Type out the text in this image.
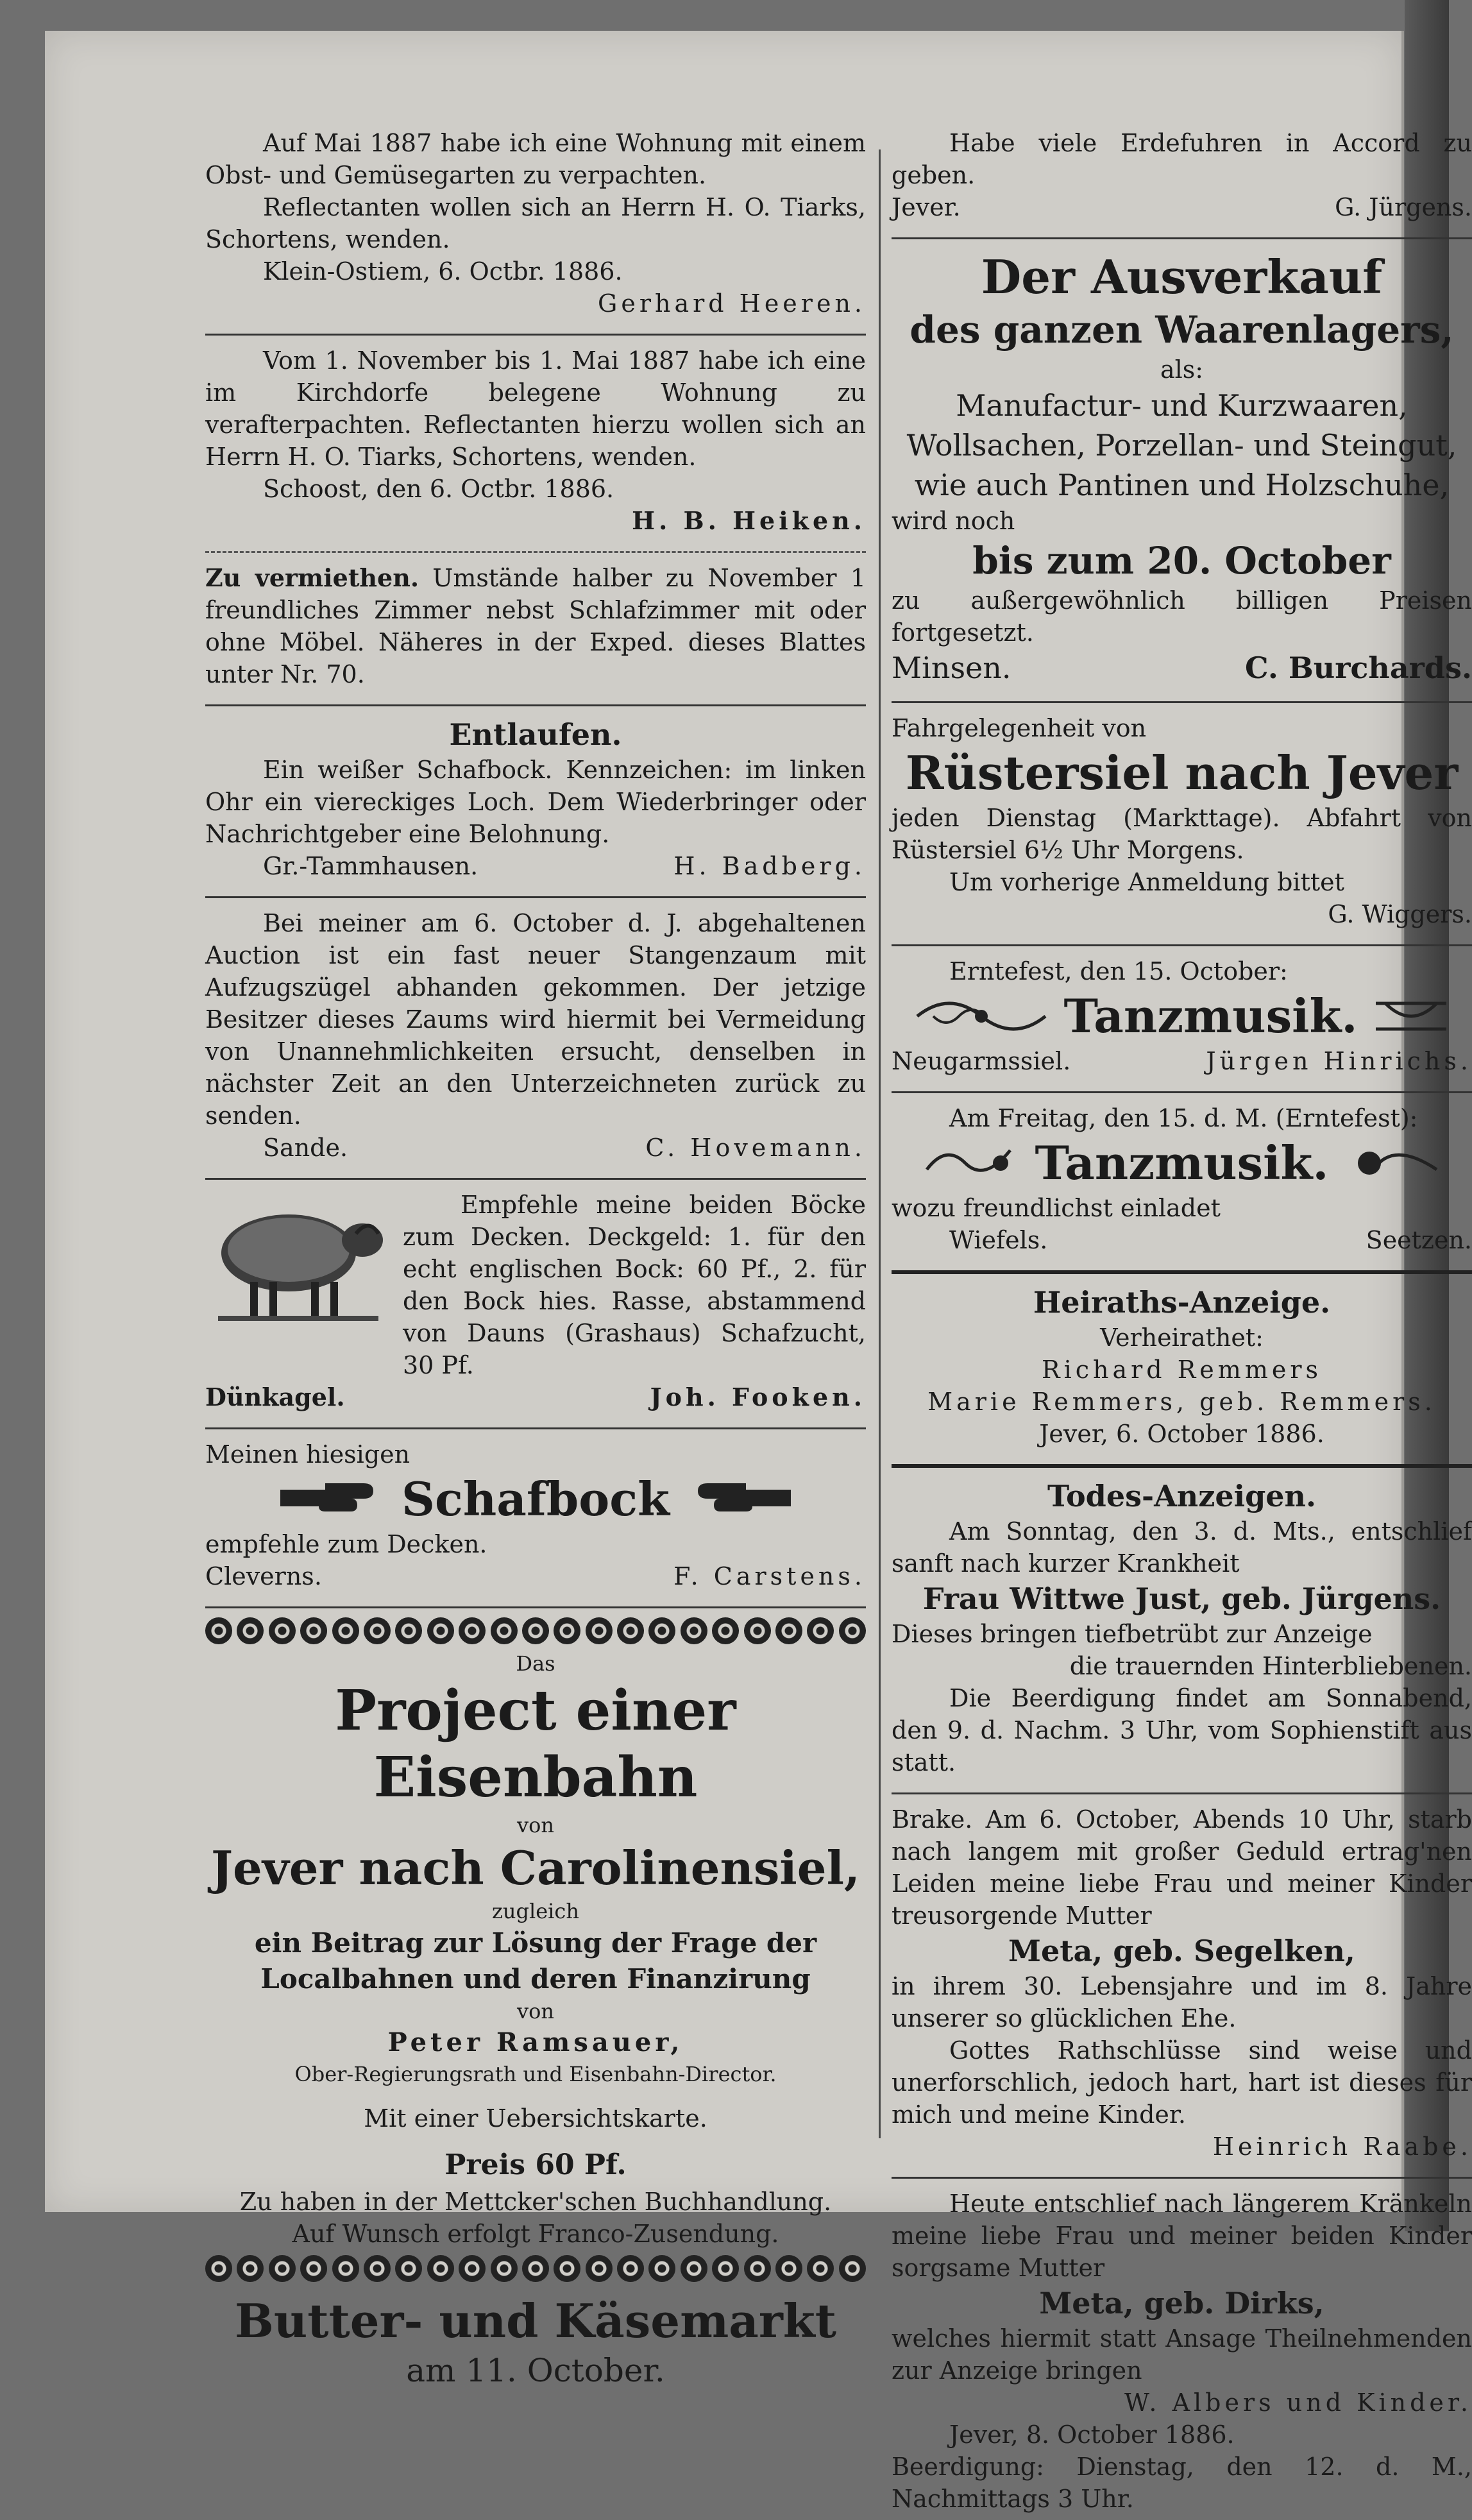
Auf Mai 1887 habe ich eine Wohnung mit einem Obst- und Gemüsegarten zu verpachten.

Reflectanten wollen sich an Herrn H. O. Tiarks, Schortens, wenden.

Klein-Ostiem, 6. Octbr. 1886.

Gerhard Heeren.

Vom 1. November bis 1. Mai 1887 habe ich eine im Kirchdorfe belegene Wohnung zu verafterpachten. Reflectanten hierzu wollen sich an Herrn H. O. Tiarks, Schortens, wenden.

Schoost, den 6. Octbr. 1886.

H. B. Heiken.

Zu vermiethen. Umstände halber zu November 1 freundliches Zimmer nebst Schlafzimmer mit oder ohne Möbel. Näheres in der Exped. dieses Blattes unter Nr. 70.

Entlaufen.

Ein weißer Schafbock. Kennzeichen: im linken Ohr ein viereckiges Loch. Dem Wiederbringer oder Nachrichtgeber eine Belohnung.

Gr.-Tammhausen.	H. Badberg.

Bei meiner am 6. October d. J. abgehaltenen Auction ist ein fast neuer Stangenzaum mit Aufzugszügel abhanden gekommen. Der jetzige Besitzer dieses Zaums wird hiermit bei Vermeidung von Unannehmlichkeiten ersucht, denselben in nächster Zeit an den Unterzeichneten zurück zu senden.

Sande.	C. Hovemann.

Empfehle meine beiden Böcke zum Decken. Deckgeld: 1. für den echt englischen Bock: 60 Pf., 2. für den Bock hies. Rasse, abstammend von Dauns (Grashaus) Schafzucht, 30 Pf.

Dünkagel.	Joh. Fooken.

Meinen hiesigen

Schafbock

empfehle zum Decken.

Cleverns.	F. Carstens.
Das
Project einer Eisenbahn
von
Jever nach Carolinensiel,
zugleich
ein Beitrag zur Lösung der Frage der
Localbahnen und deren Finanzirung
von
Peter Ramsauer,
Ober-Regierungsrath und Eisenbahn-Director.
Mit einer Uebersichtskarte.
Preis 60 Pf.
Zu haben in der Mettcker'schen Buchhandlung.
Auf Wunsch erfolgt Franco-Zusendung.
Butter- und Käsemarkt
am 11. October.

Habe viele Erdefuhren in Accord zu geben.

Jever.	G. Jürgens.
Der Ausverkauf
des ganzen Waarenlagers,
als:
Manufactur- und Kurzwaaren, Wollsachen, Porzellan- und Steingut, wie auch Pantinen und Holzschuhe,

wird noch

bis zum 20. October

zu außergewöhnlich billigen Preisen fortgesetzt.

Minsen.	C. Burchards.

Fahrgelegenheit von

Rüstersiel nach Jever

jeden Dienstag (Markttage). Abfahrt von Rüstersiel 6½ Uhr Morgens.

Um vorherige Anmeldung bittet

G. Wiggers.

Erntefest, den 15. October:

Tanzmusik.
Neugarmssiel.	Jürgen Hinrichs.

Am Freitag, den 15. d. M. (Erntefest):

Tanzmusik.

wozu freundlichst einladet

Wiefels.	Seetzen.
Heiraths-Anzeige.
Verheirathet:
Richard Remmers
Marie Remmers, geb. Remmers.
Jever, 6. October 1886.
Todes-Anzeigen.

Am Sonntag, den 3. d. Mts., entschlief sanft nach kurzer Krankheit

Frau Wittwe Just, geb. Jürgens.

Dieses bringen tiefbetrübt zur Anzeige

die trauernden Hinterbliebenen.

Die Beerdigung findet am Sonnabend, den 9. d. Nachm. 3 Uhr, vom Sophienstift aus statt.

Brake. Am 6. October, Abends 10 Uhr, starb nach langem mit großer Geduld ertrag'nen Leiden meine liebe Frau und meiner Kinder treusorgende Mutter

Meta, geb. Segelken,

in ihrem 30. Lebensjahre und im 8. Jahre unserer so glücklichen Ehe.

Gottes Rathschlüsse sind weise und unerforschlich, jedoch hart, hart ist dieses für mich und meine Kinder.

Heinrich Raabe.

Heute entschlief nach längerem Kränkeln meine liebe Frau und meiner beiden Kinder sorgsame Mutter

Meta, geb. Dirks,

welches hiermit statt Ansage Theilnehmenden zur Anzeige bringen

W. Albers und Kinder.

Jever, 8. October 1886.

Beerdigung: Dienstag, den 12. d. M., Nachmittags 3 Uhr.
